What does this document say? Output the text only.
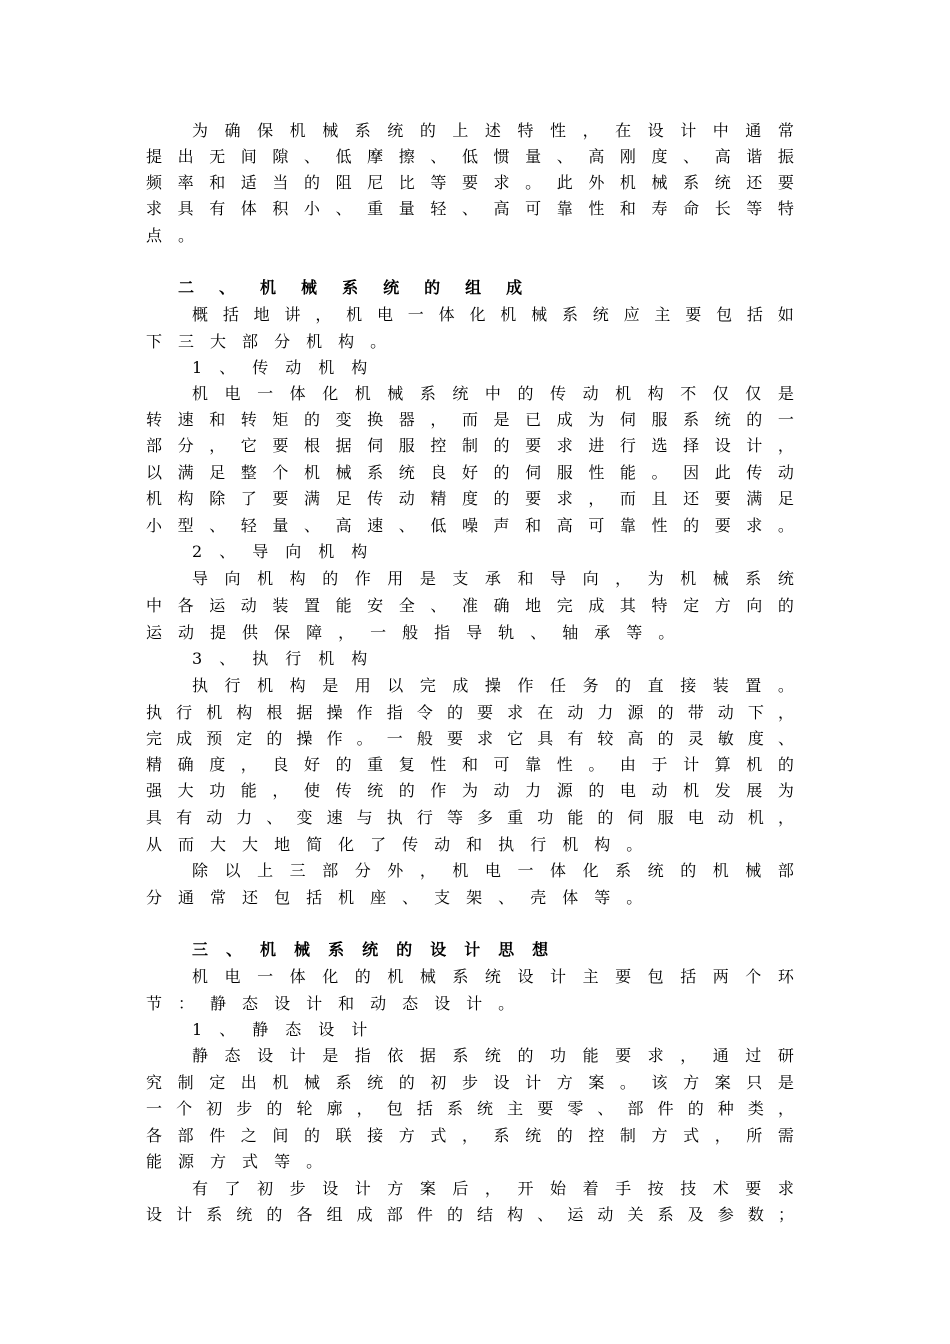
为 确 保 机 械 系 统 的 上 述 特 性 ， 在 设 计 中 通 常
提 出 无 间 隙 、 低 摩 擦 、 低 惯 量 、 高 刚 度 、 高 谐 振
频 率 和 适 当 的 阻 尼 比 等 要 求 。 此 外 机 械 系 统 还 要
求 具 有 体 积 小 、 重 量 轻 、 高 可 靠 性 和 寿 命 长 等 特
点 。
二 、 机 械 系 统 的 组 成
概 括 地 讲 ， 机 电 一 体 化 机 械 系 统 应 主 要 包 括 如
下 三 大 部 分 机 构 。
1 、 传 动 机 构
机 电 一 体 化 机 械 系 统 中 的 传 动 机 构 不 仅 仅 是
转 速 和 转 矩 的 变 换 器 ， 而 是 已 成 为 伺 服 系 统 的 一
部 分 ， 它 要 根 据 伺 服 控 制 的 要 求 进 行 选 择 设 计 ，
以 满 足 整 个 机 械 系 统 良 好 的 伺 服 性 能 。 因 此 传 动
机 构 除 了 要 满 足 传 动 精 度 的 要 求 ， 而 且 还 要 满 足
小 型 、 轻 量 、 高 速 、 低 噪 声 和 高 可 靠 性 的 要 求 。
2 、 导 向 机 构
导 向 机 构 的 作 用 是 支 承 和 导 向 ， 为 机 械 系 统
中 各 运 动 装 置 能 安 全 、 准 确 地 完 成 其 特 定 方 向 的
运 动 提 供 保 障 ， 一 般 指 导 轨 、 轴 承 等 。
3 、 执 行 机 构
执 行 机 构 是 用 以 完 成 操 作 任 务 的 直 接 装 置 。
执 行 机 构 根 据 操 作 指 令 的 要 求 在 动 力 源 的 带 动 下 ，
完 成 预 定 的 操 作 。 一 般 要 求 它 具 有 较 高 的 灵 敏 度 、
精 确 度 ， 良 好 的 重 复 性 和 可 靠 性 。 由 于 计 算 机 的
强 大 功 能 ， 使 传 统 的 作 为 动 力 源 的 电 动 机 发 展 为
具 有 动 力 、 变 速 与 执 行 等 多 重 功 能 的 伺 服 电 动 机 ，
从 而 大 大 地 简 化 了 传 动 和 执 行 机 构 。
除 以 上 三 部 分 外 ， 机 电 一 体 化 系 统 的 机 械 部
分 通 常 还 包 括 机 座 、 支 架 、 壳 体 等 。
三 、 机 械 系 统 的 设 计 思 想
机 电 一 体 化 的 机 械 系 统 设 计 主 要 包 括 两 个 环
节 ： 静 态 设 计 和 动 态 设 计 。
1 、 静 态 设 计
静 态 设 计 是 指 依 据 系 统 的 功 能 要 求 ， 通 过 研
究 制 定 出 机 械 系 统 的 初 步 设 计 方 案 。 该 方 案 只 是
一 个 初 步 的 轮 廓 ， 包 括 系 统 主 要 零 、 部 件 的 种 类 ，
各 部 件 之 间 的 联 接 方 式 ， 系 统 的 控 制 方 式 ， 所 需
能 源 方 式 等 。
有 了 初 步 设 计 方 案 后 ， 开 始 着 手 按 技 术 要 求
设 计 系 统 的 各 组 成 部 件 的 结 构 、 运 动 关 系 及 参 数 ；
